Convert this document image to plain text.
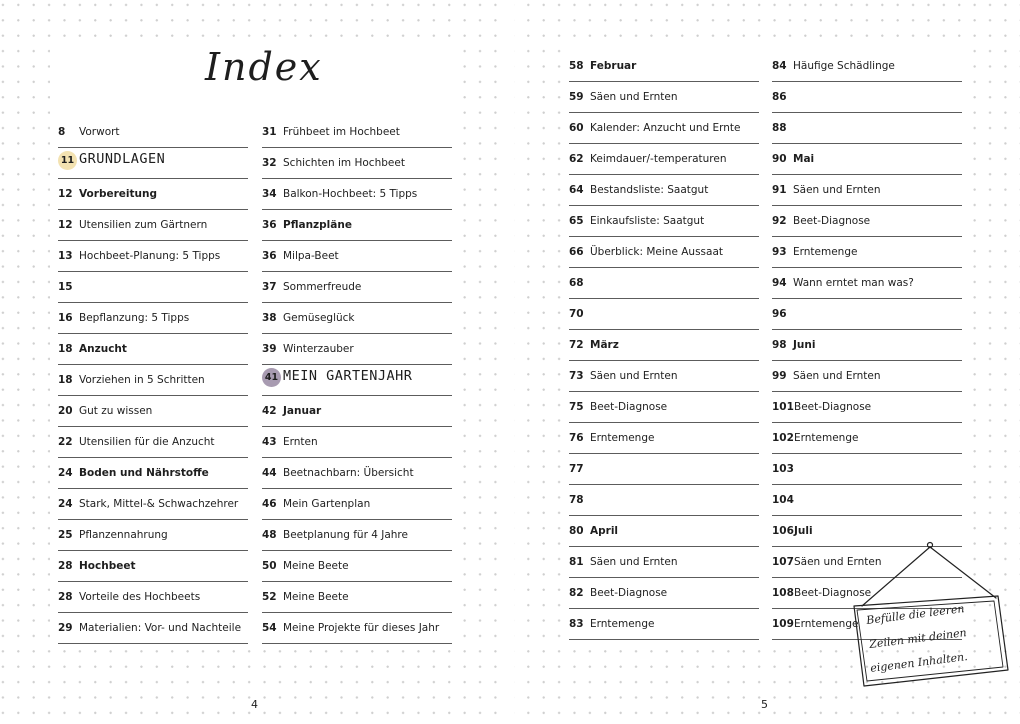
Index
8 Vorwort
11 GRUNDLAGEN
12 Vorbereitung
12 Utensilien zum Gärtnern
13 Hochbeet-Planung: 5 Tipps
15
16 Bepflanzung: 5 Tipps
18 Anzucht
18 Vorziehen in 5 Schritten
20 Gut zu wissen
22 Utensilien für die Anzucht
24 Boden und Nährstoffe
24 Stark, Mittel-& Schwachzehrer
25 Pflanzennahrung
28 Hochbeet
28 Vorteile des Hochbeets
29 Materialien: Vor- und Nachteile
31 Frühbeet im Hochbeet
32 Schichten im Hochbeet
34 Balkon-Hochbeet: 5 Tipps
36 Pflanzpläne
36 Milpa-Beet
37 Sommerfreude
38 Gemüseglück
39 Winterzauber
41 MEIN GARTENJAHR
42 Januar
43 Ernten
44 Beetnachbarn: Übersicht
46 Mein Gartenplan
48 Beetplanung für 4 Jahre
50 Meine Beete
52 Meine Beete
54 Meine Projekte für dieses Jahr
58 Februar
59 Säen und Ernten
60 Kalender: Anzucht und Ernte
62 Keimdauer/-temperaturen
64 Bestandsliste: Saatgut
65 Einkaufsliste: Saatgut
66 Überblick: Meine Aussaat
68
70
72 März
73 Säen und Ernten
75 Beet-Diagnose
76 Erntemenge
77
78
80 April
81 Säen und Ernten
82 Beet-Diagnose
83 Erntemenge
84 Häufige Schädlinge
86
88
90 Mai
91 Säen und Ernten
92 Beet-Diagnose
93 Erntemenge
94 Wann erntet man was?
96
98 Juni
99 Säen und Ernten
101 Beet-Diagnose
102 Erntemenge
103
104
106 Juli
107 Säen und Ernten
108 Beet-Diagnose
109 Erntemenge
4	5
Befülle die leeren
Zeilen mit deinen
eigenen Inhalten.
